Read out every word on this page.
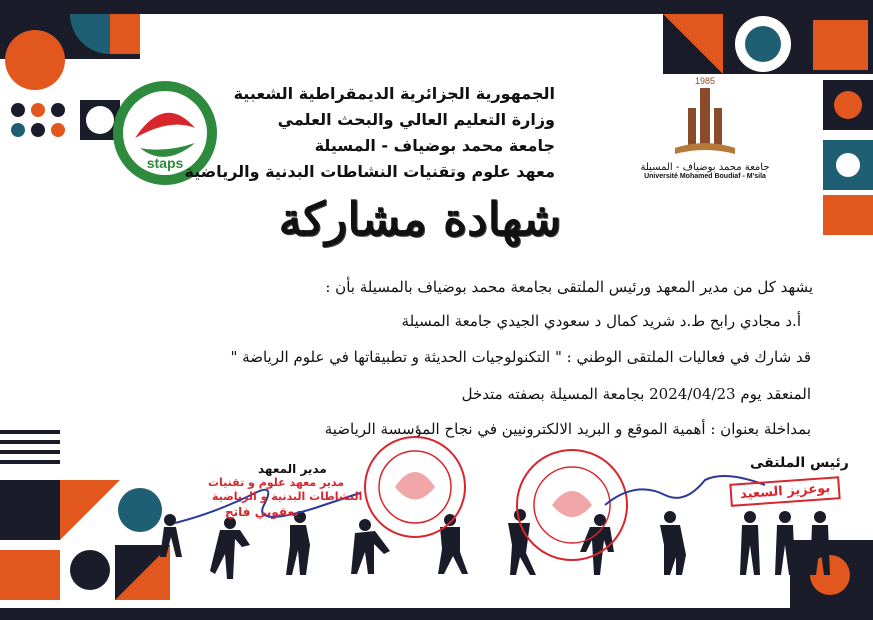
staps
1985
جامعة محمد بوضياف - المسيلة
Université Mohamed Boudiaf - M'sila
الجمهورية الجزائرية الديمقراطية الشعبية
وزارة التعليم العالي والبحث العلمي
جامعة محمد بوضياف - المسيلة
معهد علوم وتقنيات النشاطات البدنية والرياضية
شهادة مشاركة
يشهد كل من مدير المعهد ورئيس الملتقى بجامعة محمد بوضياف بالمسيلة بأن :
أ.د مجادي رابح ط.د شريد كمال د سعودي الجيدي جامعة المسيلة
قد شارك في فعاليات الملتقى الوطني : " التكنولوجيات الحديثة و تطبيقاتها في علوم الرياضة "
المنعقد يوم 2024/04/23 بجامعة المسيلة بصفته متدخل
بمداخلة بعنوان : أهمية الموقع و البريد الالكترونيين في نجاح المؤسسة الرياضية
مدير المعهد
مدير معهد علوم و تقنيات
النشاطات البدنية و الرياضية
يعقوبي فاتح
رئيس الملتقى
بوعزيز السعيد
